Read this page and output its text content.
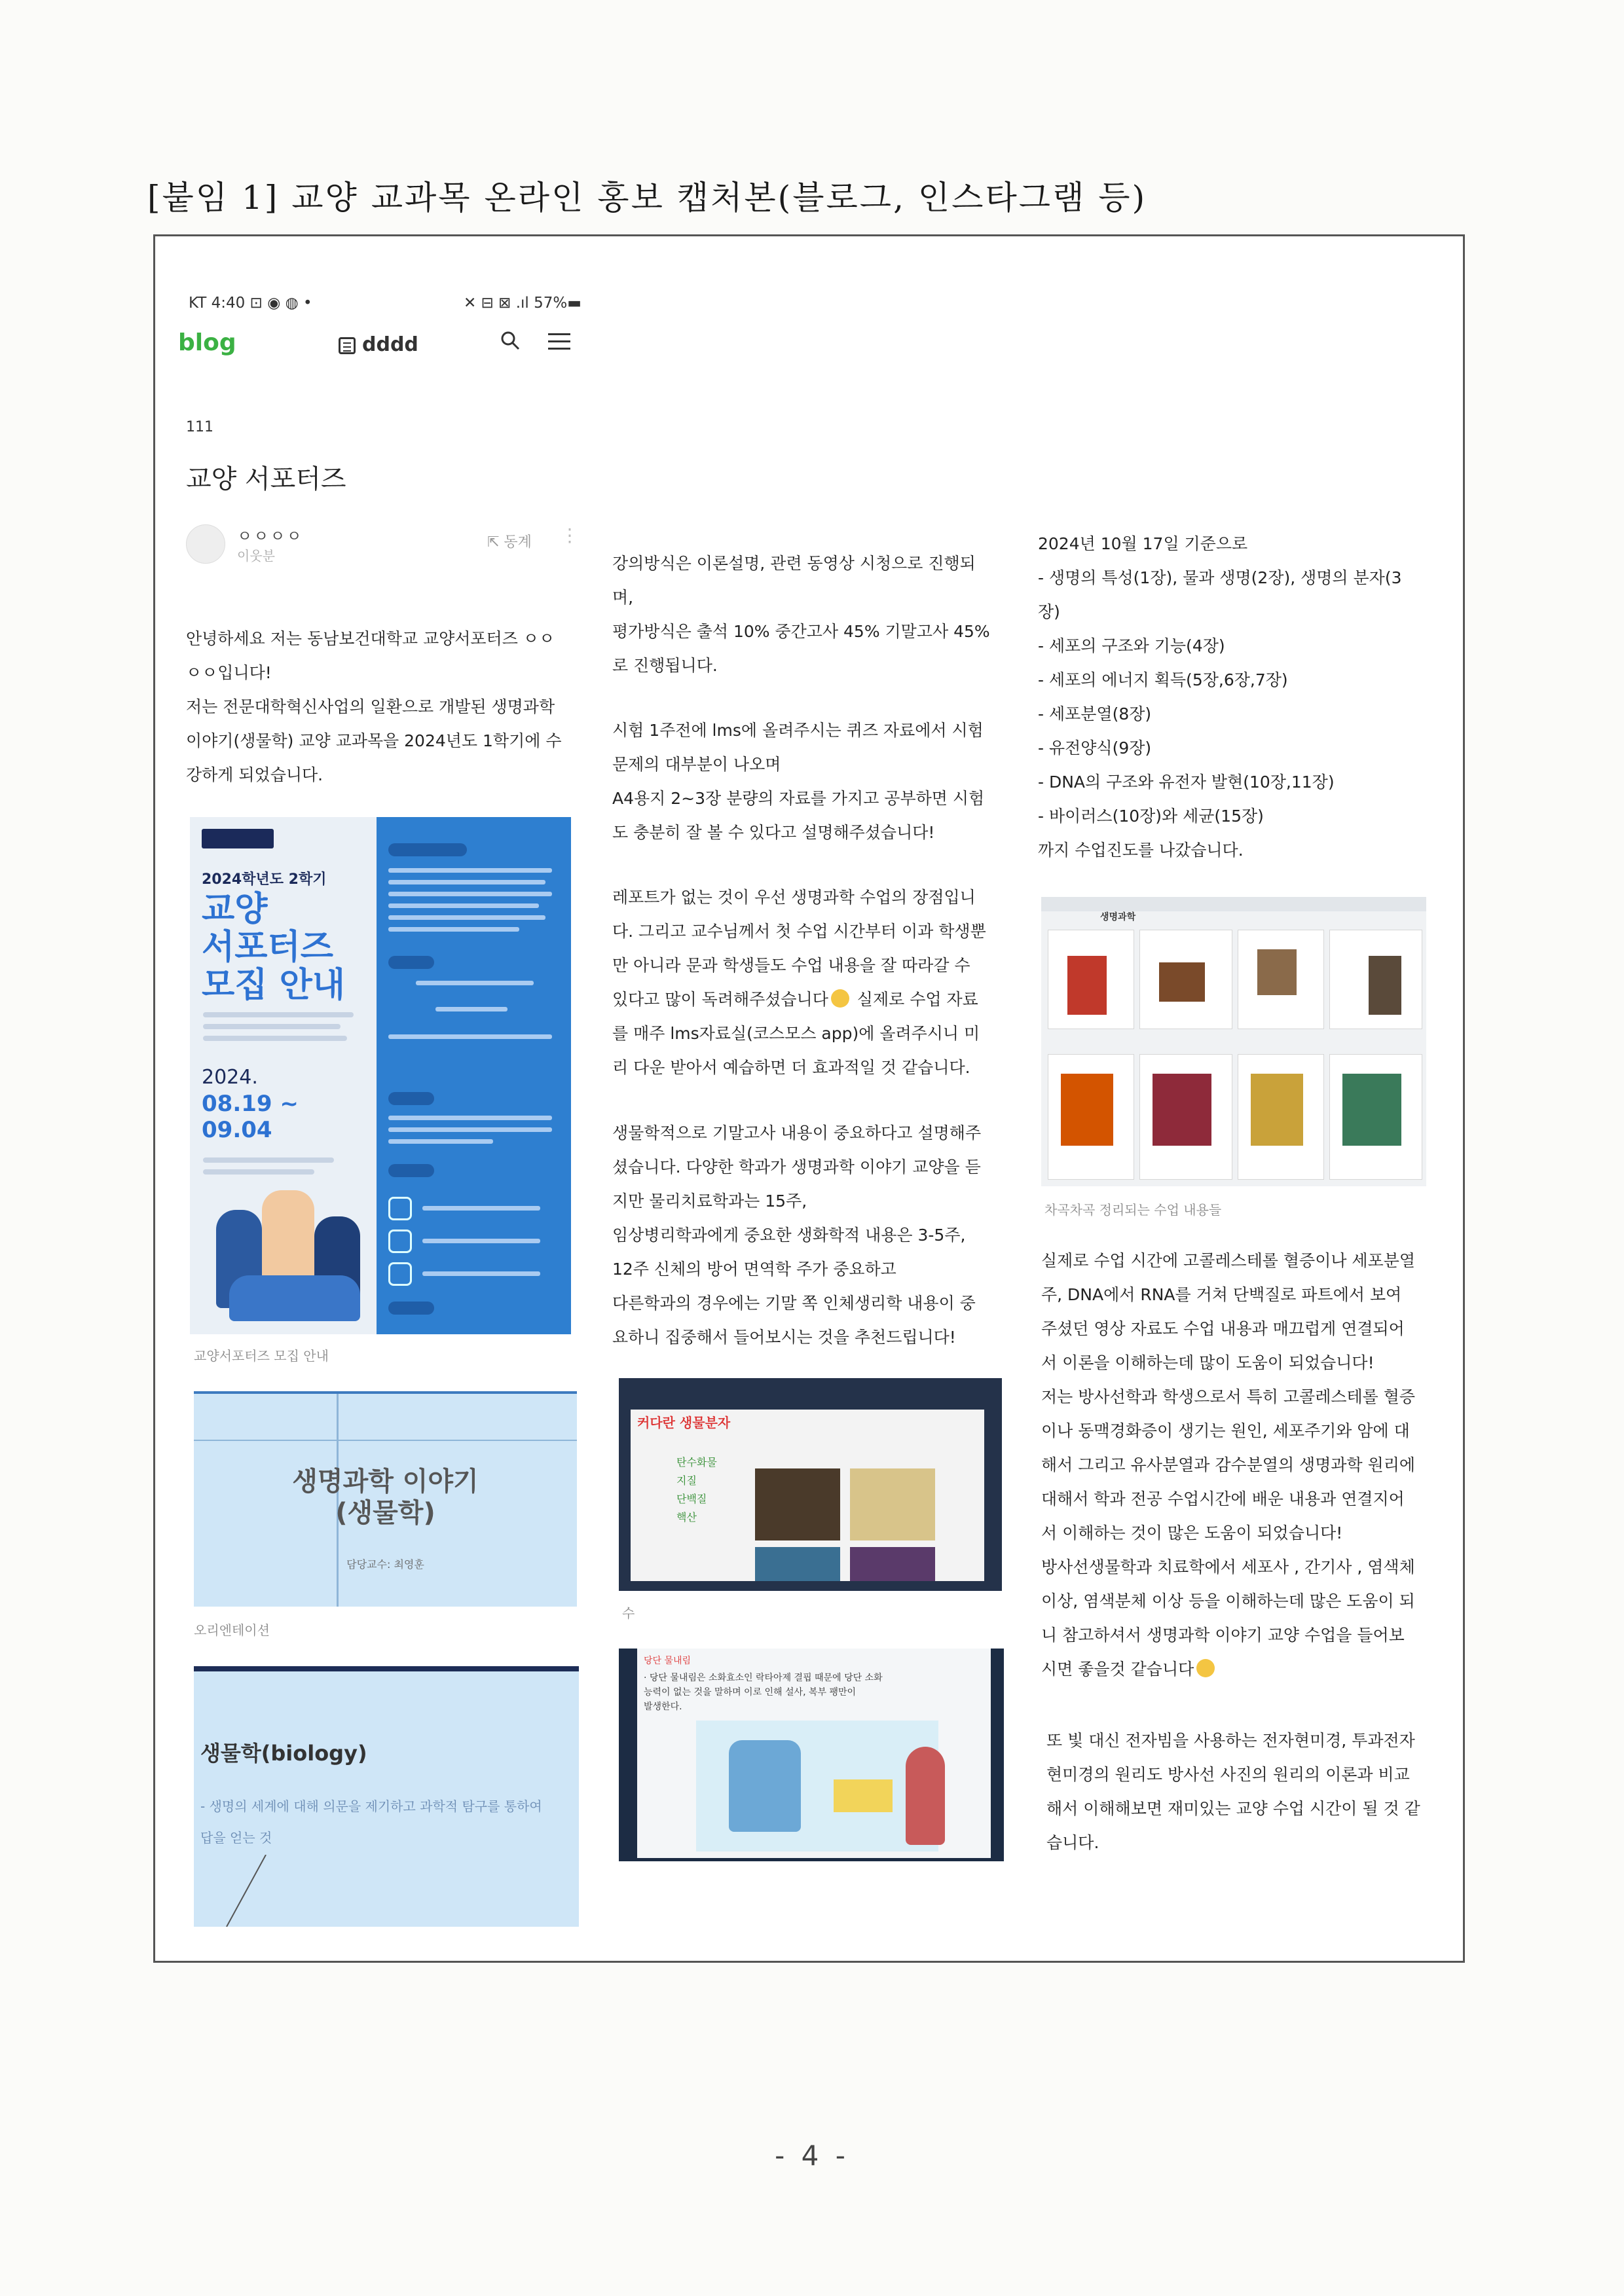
[붙임 1] 교양 교과목 온라인 홍보 캡처본(블로그, 인스타그램 등)
KT 4:40 ⊡ ◉ ◍ •	✕ ⊟ ⊠ .ıl 57%▬
blog	dddd
111
교양 서포터즈
ㅇㅇㅇㅇ
이웃분
⇱ 동계 ⋮

안녕하세요 저는 동남보건대학교 교양서포터즈 ㅇㅇ

ㅇㅇ입니다!

저는 전문대학혁신사업의 일환으로 개발된 생명과학

이야기(생물학) 교양 교과목을 2024년도 1학기에 수

강하게 되었습니다.

2024학년도 2학기
교양
서포터즈
모집 안내
2024.
08.19 ~
09.04
교양서포터즈 모집 안내
생명과학 이야기
(생물학)
담당교수: 최영훈
오리엔테이션
생물학(biology)
- 생명의 세계에 대해 의문을 제기하고 과학적 탐구를 통하여
답을 얻는 것

강의방식은 이론설명, 관련 동영상 시청으로 진행되

며,

평가방식은 출석 10% 중간고사 45% 기말고사 45%

로 진행됩니다.

시험 1주전에 lms에 올려주시는 퀴즈 자료에서 시험

문제의 대부분이 나오며

A4용지 2~3장 분량의 자료를 가지고 공부하면 시험

도 충분히 잘 볼 수 있다고 설명해주셨습니다!

레포트가 없는 것이 우선 생명과학 수업의 장점입니

다. 그리고 교수님께서 첫 수업 시간부터 이과 학생뿐

만 아니라 문과 학생들도 수업 내용을 잘 따라갈 수

있다고 많이 독려해주셨습니다 실제로 수업 자료

를 매주 lms자료실(코스모스 app)에 올려주시니 미

리 다운 받아서 예습하면 더 효과적일 것 같습니다.

생물학적으로 기말고사 내용이 중요하다고 설명해주

셨습니다. 다양한 학과가 생명과학 이야기 교양을 듣

지만 물리치료학과는 15주,

임상병리학과에게 중요한 생화학적 내용은 3-5주,

12주 신체의 방어 면역학 주가 중요하고

다른학과의 경우에는 기말 쪽 인체생리학 내용이 중

요하니 집중해서 들어보시는 것을 추천드립니다!

커다란 생물분자
탄수화물
지질
단백질
핵산
수
당단 물내림
· 당단 물내림은 소화효소인 락타아제 결핍 때문에 당단 소화
능력이 없는 것을 말하며 이로 인해 설사, 복부 팽만이
발생한다.

2024년 10월 17일 기준으로

- 생명의 특성(1장), 물과 생명(2장), 생명의 분자(3

장)

- 세포의 구조와 기능(4장)

- 세포의 에너지 획득(5장,6장,7장)

- 세포분열(8장)

- 유전양식(9장)

- DNA의 구조와 유전자 발현(10장,11장)

- 바이러스(10장)와 세균(15장)

까지 수업진도를 나갔습니다.

생명과학
차곡차곡 정리되는 수업 내용들

실제로 수업 시간에 고콜레스테롤 혈증이나 세포분열

주, DNA에서 RNA를 거쳐 단백질로 파트에서 보여

주셨던 영상 자료도 수업 내용과 매끄럽게 연결되어

서 이론을 이해하는데 많이 도움이 되었습니다!

저는 방사선학과 학생으로서 특히 고콜레스테롤 혈증

이나 동맥경화증이 생기는 원인, 세포주기와 암에 대

해서 그리고 유사분열과 감수분열의 생명과학 원리에

대해서 학과 전공 수업시간에 배운 내용과 연결지어

서 이해하는 것이 많은 도움이 되었습니다!

방사선생물학과 치료학에서 세포사 , 간기사 , 염색체

이상, 염색분체 이상 등을 이해하는데 많은 도움이 되

니 참고하셔서 생명과학 이야기 교양 수업을 들어보

시면 좋을것 같습니다

또 빛 대신 전자빔을 사용하는 전자현미경, 투과전자

현미경의 원리도 방사선 사진의 원리의 이론과 비교

해서 이해해보면 재미있는 교양 수업 시간이 될 것 같

습니다.

- 4 -
